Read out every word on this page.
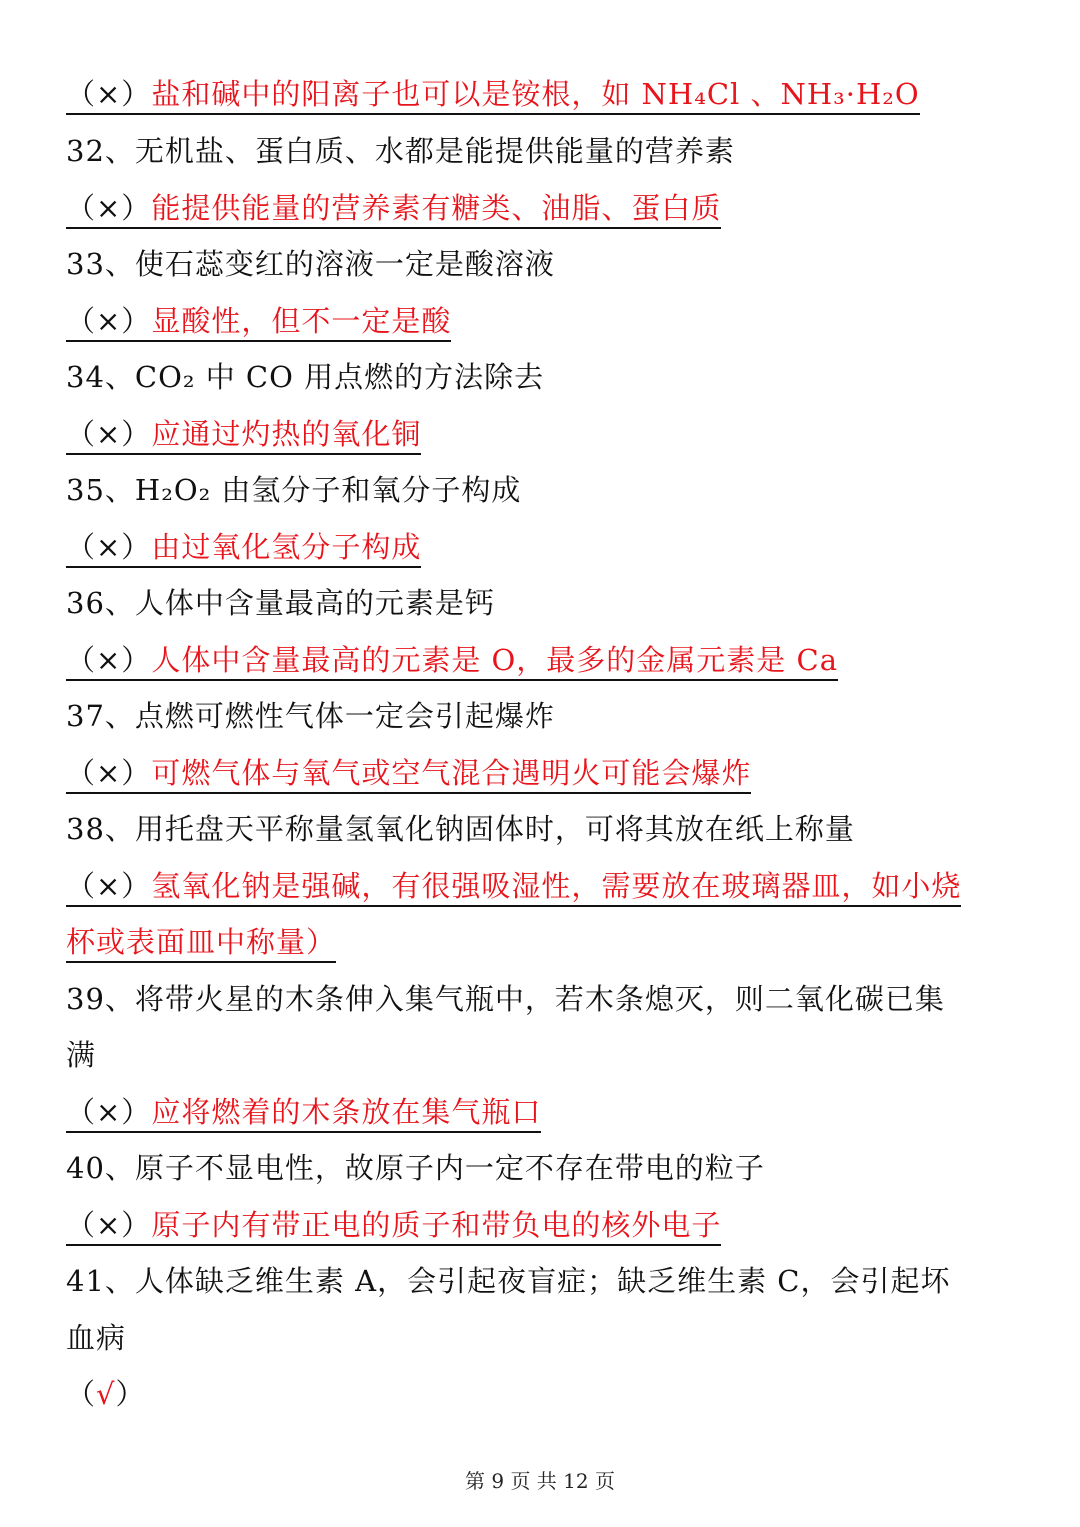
（×）盐和碱中的阳离子也可以是铵根，如 NH₄Cl 、NH₃·H₂O
32、无机盐、蛋白质、水都是能提供能量的营养素
（×）能提供能量的营养素有糖类、油脂、蛋白质
33、使石蕊变红的溶液一定是酸溶液
（×）显酸性，但不一定是酸
34、CO₂ 中 CO 用点燃的方法除去
（×）应通过灼热的氧化铜
35、H₂O₂ 由氢分子和氧分子构成
（×）由过氧化氢分子构成
36、人体中含量最高的元素是钙
（×）人体中含量最高的元素是 O，最多的金属元素是 Ca
37、点燃可燃性气体一定会引起爆炸
（×）可燃气体与氧气或空气混合遇明火可能会爆炸
38、用托盘天平称量氢氧化钠固体时，可将其放在纸上称量
（×）氢氧化钠是强碱，有很强吸湿性，需要放在玻璃器皿，如小烧
杯或表面皿中称量）
39、将带火星的木条伸入集气瓶中，若木条熄灭，则二氧化碳已集
满
（×）应将燃着的木条放在集气瓶口
40、原子不显电性，故原子内一定不存在带电的粒子
（×）原子内有带正电的质子和带负电的核外电子
41、人体缺乏维生素 A，会引起夜盲症；缺乏维生素 C，会引起坏
血病
（√）
第 9 页 共 12 页
